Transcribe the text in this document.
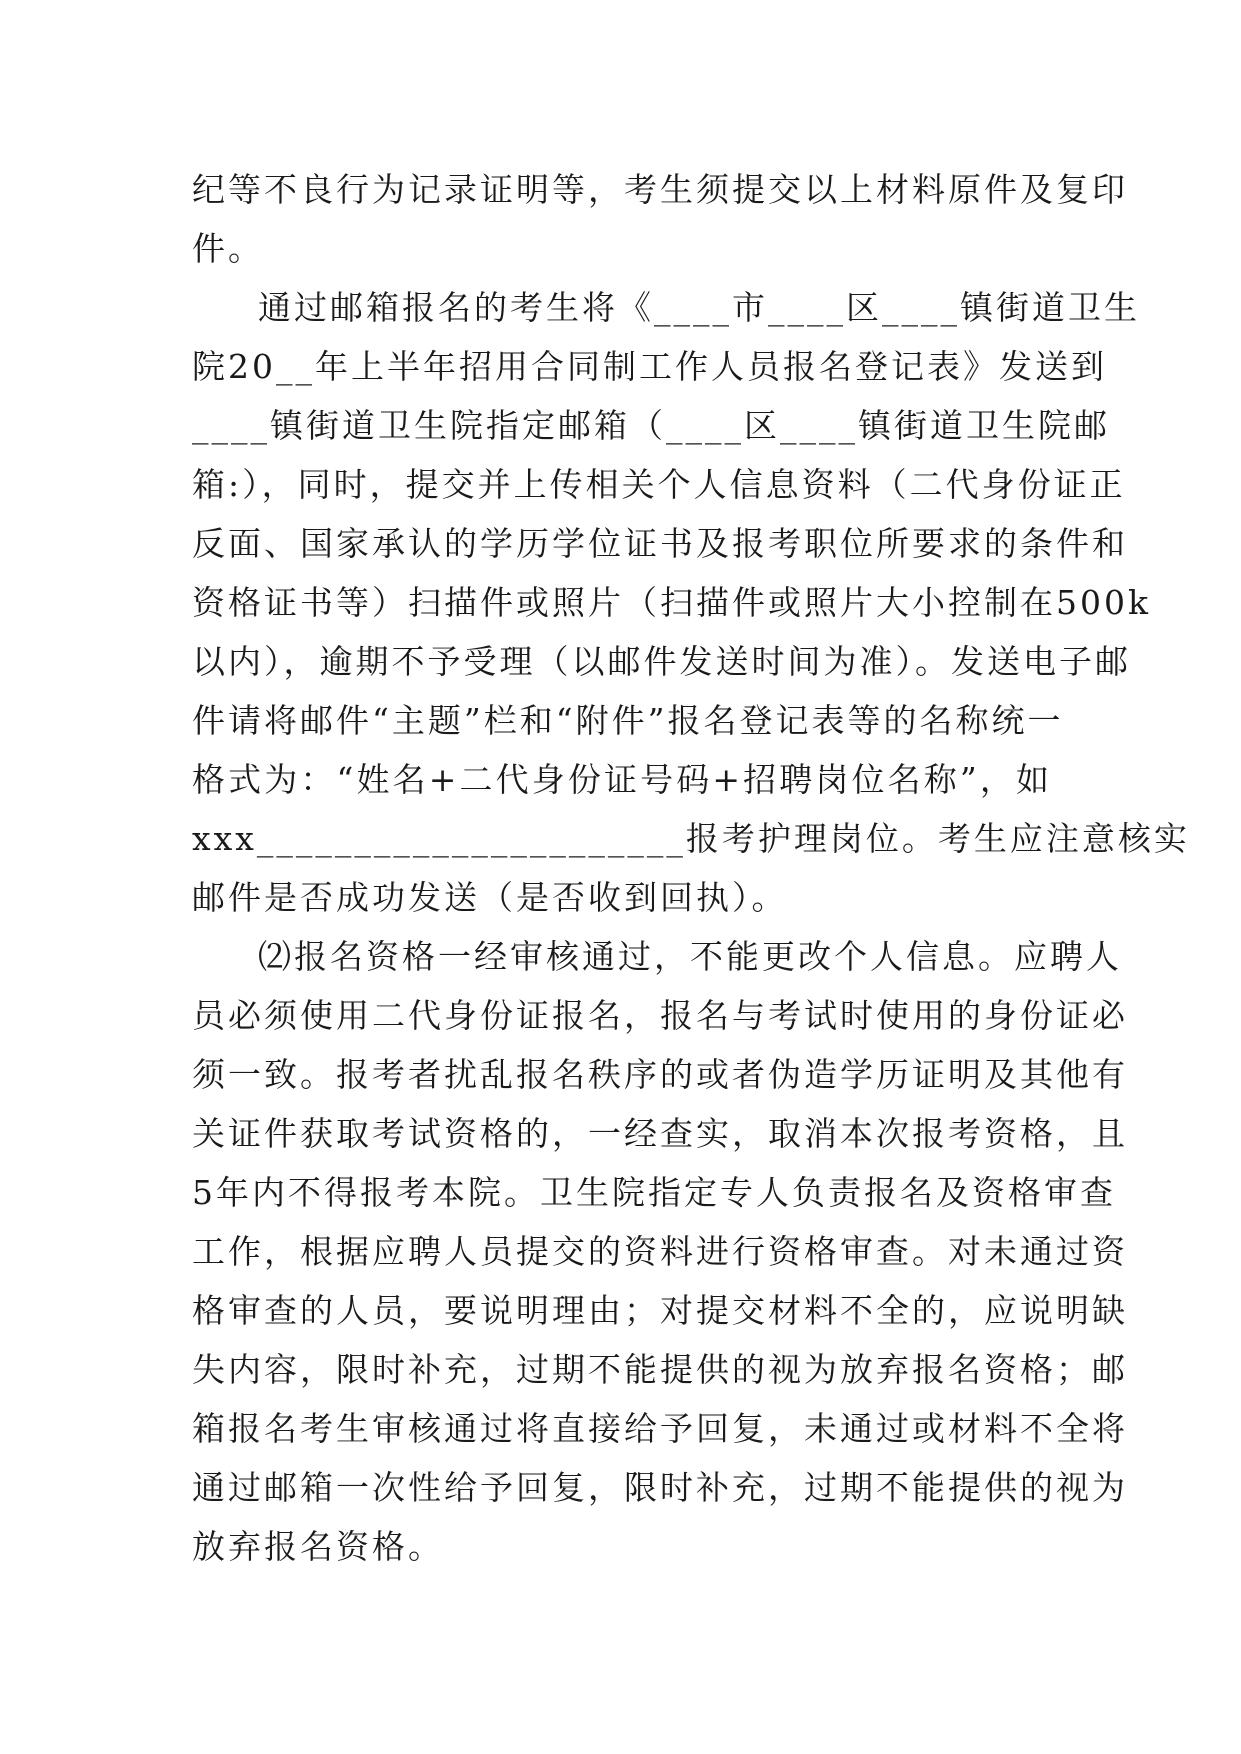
纪等不良行为记录证明等，考生须提交以上材料原件及复印
件。
通过邮箱报名的考生将《____市____区____镇街道卫生
院20__年上半年招用合同制工作人员报名登记表》发送到
____镇街道卫生院指定邮箱（____区____镇街道卫生院邮
箱:），同时，提交并上传相关个人信息资料（二代身份证正
反面、国家承认的学历学位证书及报考职位所要求的条件和
资格证书等）扫描件或照片（扫描件或照片大小控制在500k
以内），逾期不予受理（以邮件发送时间为准）。发送电子邮
件请将邮件“主题”栏和“附件”报名登记表等的名称统一
格式为：“姓名+二代身份证号码+招聘岗位名称”，如
xxx______________________报考护理岗位。考生应注意核实
邮件是否成功发送（是否收到回执）。
⑵报名资格一经审核通过，不能更改个人信息。应聘人
员必须使用二代身份证报名，报名与考试时使用的身份证必
须一致。报考者扰乱报名秩序的或者伪造学历证明及其他有
关证件获取考试资格的，一经查实，取消本次报考资格，且
5年内不得报考本院。卫生院指定专人负责报名及资格审查
工作，根据应聘人员提交的资料进行资格审查。对未通过资
格审查的人员，要说明理由；对提交材料不全的，应说明缺
失内容，限时补充，过期不能提供的视为放弃报名资格；邮
箱报名考生审核通过将直接给予回复，未通过或材料不全将
通过邮箱一次性给予回复，限时补充，过期不能提供的视为
放弃报名资格。
